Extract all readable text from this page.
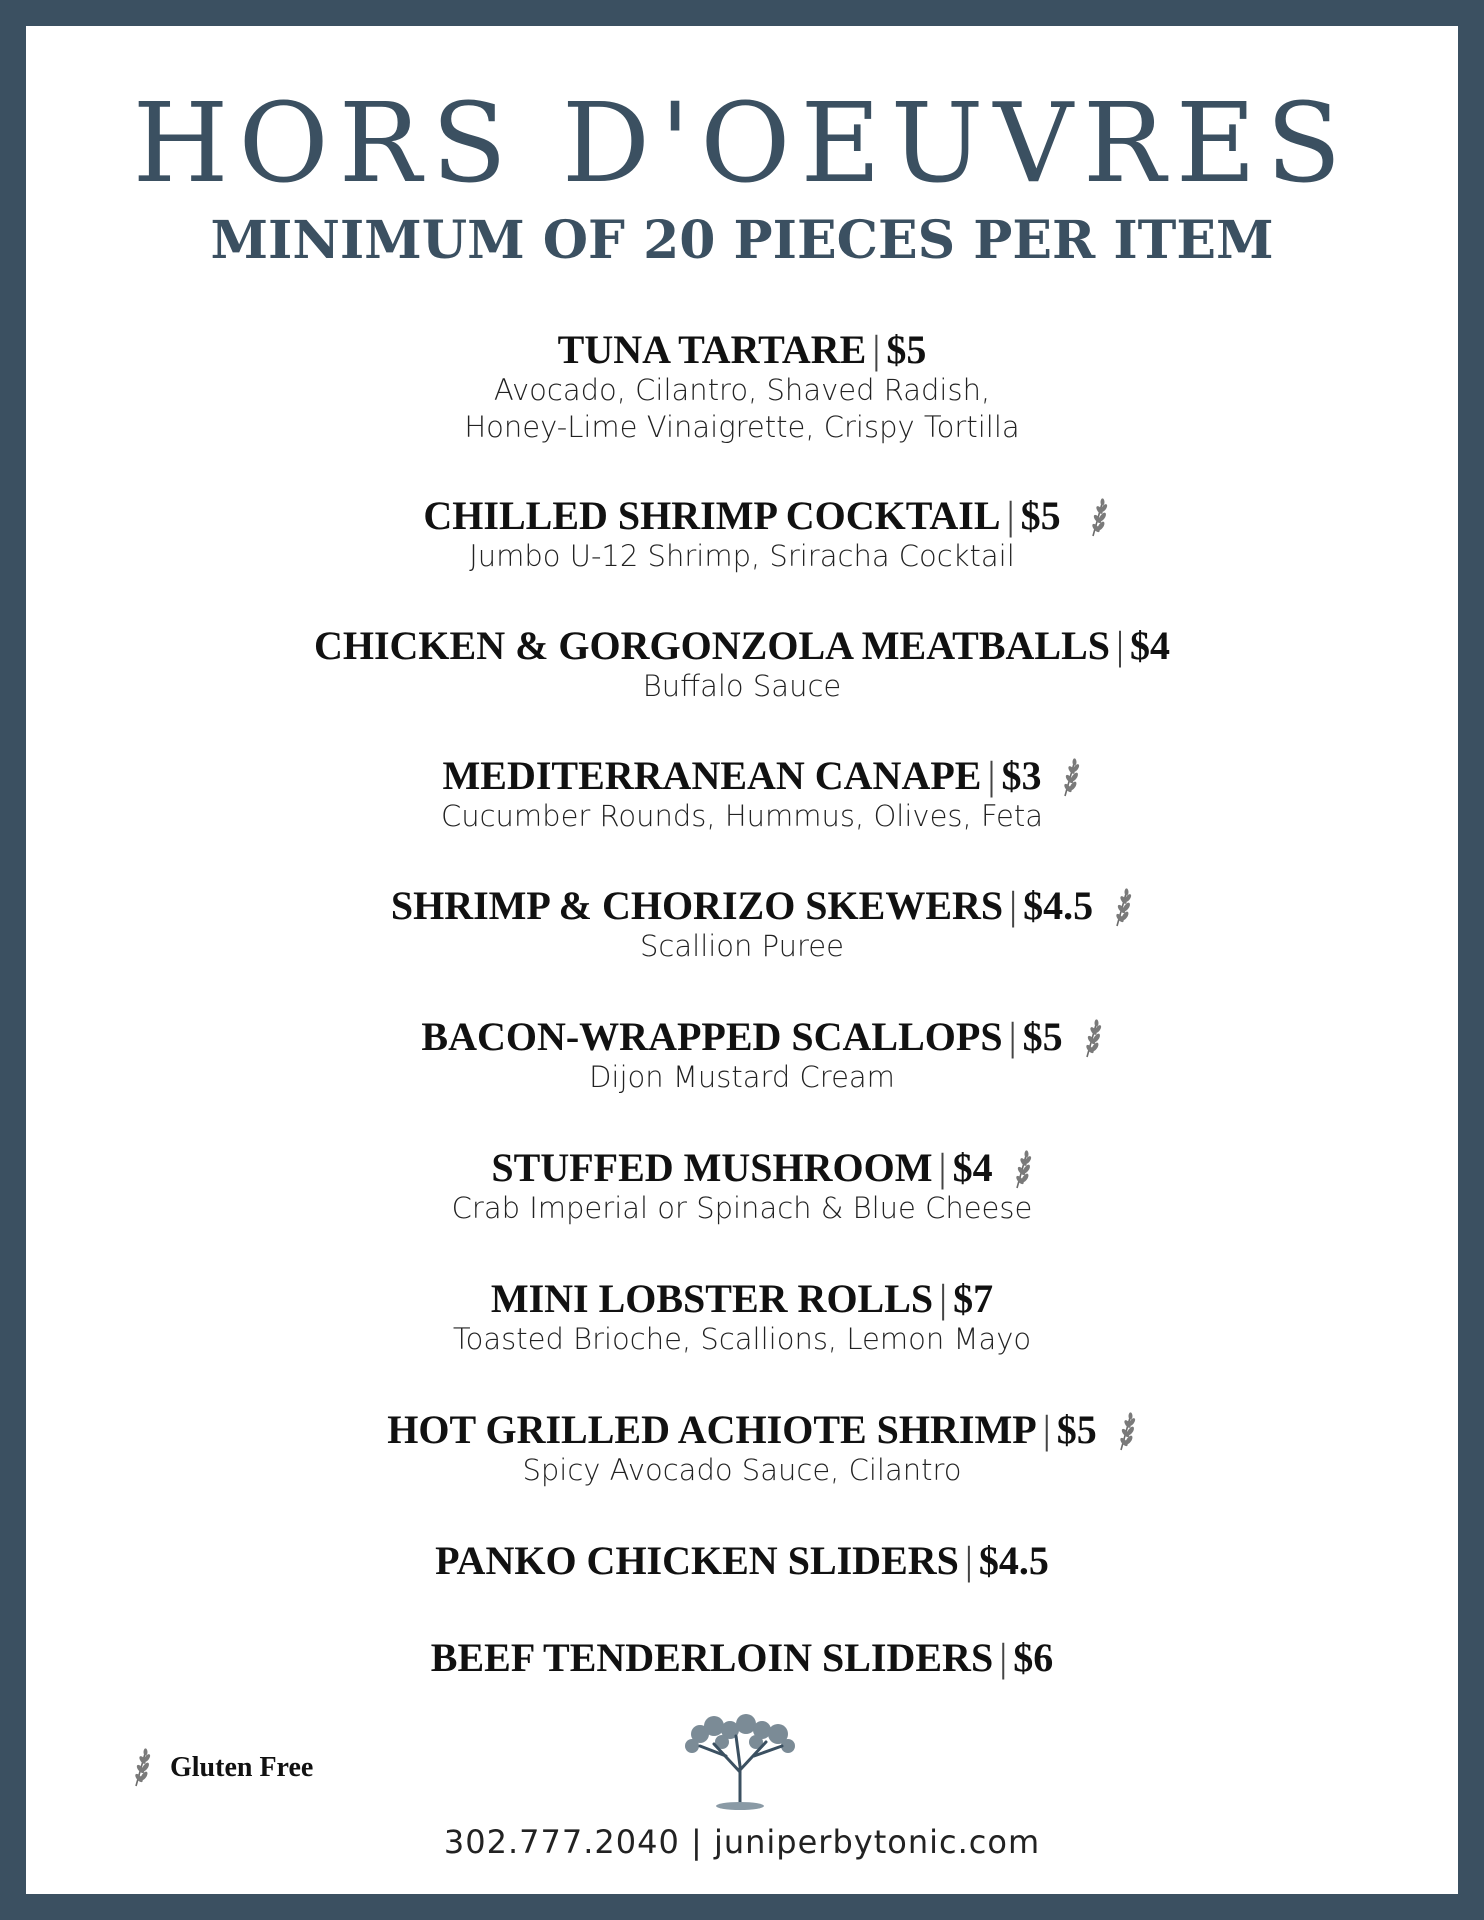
HORS D'OEUVRES
MINIMUM OF 20 PIECES PER ITEM
TUNA TARTARE | $5
Avocado, Cilantro, Shaved Radish,
Honey-Lime Vinaigrette, Crispy Tortilla
CHILLED SHRIMP COCKTAIL | $5
Jumbo U-12 Shrimp, Sriracha Cocktail
CHICKEN & GORGONZOLA MEATBALLS | $4
Buffalo Sauce
MEDITERRANEAN CANAPE | $3
Cucumber Rounds, Hummus, Olives, Feta
SHRIMP & CHORIZO SKEWERS | $4.5
Scallion Puree
BACON-WRAPPED SCALLOPS | $5
Dijon Mustard Cream
STUFFED MUSHROOM | $4
Crab Imperial or Spinach & Blue Cheese
MINI LOBSTER ROLLS | $7
Toasted Brioche, Scallions, Lemon Mayo
HOT GRILLED ACHIOTE SHRIMP | $5
Spicy Avocado Sauce, Cilantro
PANKO CHICKEN SLIDERS | $4.5
BEEF TENDERLOIN SLIDERS | $6
Gluten Free
302.777.2040 | juniperbytonic.com
